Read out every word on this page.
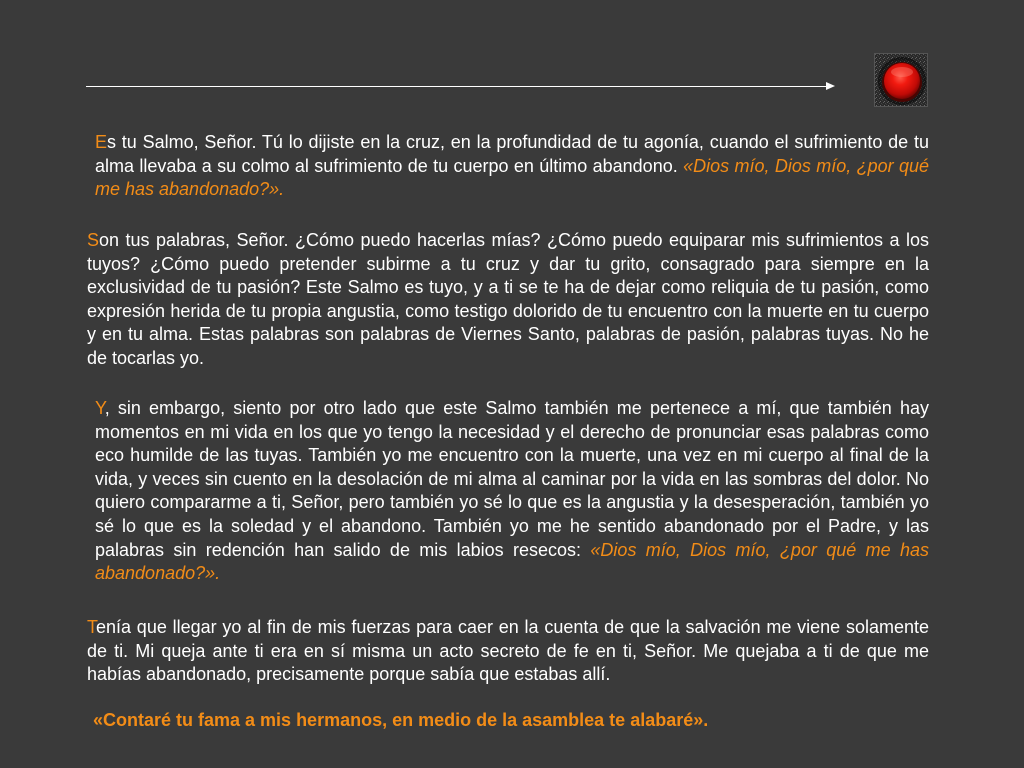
Es tu Salmo, Señor. Tú lo dijiste en la cruz, en la profundidad de tu agonía, cuando el sufrimiento de tu alma llevaba a su colmo al sufrimiento de tu cuerpo en último abandono. «Dios mío, Dios mío, ¿por qué me has abandonado?».

Son tus palabras, Señor. ¿Cómo puedo hacerlas mías? ¿Cómo puedo equiparar mis sufrimientos a los tuyos? ¿Cómo puedo pretender subirme a tu cruz y dar tu grito, consagrado para siempre en la exclusividad de tu pasión? Este Salmo es tuyo, y a ti se te ha de dejar como reliquia de tu pasión, como expresión herida de tu propia angustia, como testigo dolorido de tu encuentro con la muerte en tu cuerpo y en tu alma. Estas palabras son palabras de Viernes Santo, palabras de pasión, palabras tuyas. No he de tocarlas yo.

Y, sin embargo, siento por otro lado que este Salmo también me pertenece a mí, que también hay momentos en mi vida en los que yo tengo la necesidad y el derecho de pronunciar esas palabras como eco humilde de las tuyas. También yo me encuentro con la muerte, una vez en mi cuerpo al final de la vida, y veces sin cuento en la desolación de mi alma al caminar por la vida en las sombras del dolor. No quiero compararme a ti, Señor, pero también yo sé lo que es la angustia y la desesperación, también yo sé lo que es la soledad y el abandono. También yo me he sentido abandonado por el Padre, y las palabras sin redención han salido de mis labios resecos: «Dios mío, Dios mío, ¿por qué me has abandonado?».

Tenía que llegar yo al fin de mis fuerzas para caer en la cuenta de que la salvación me viene solamente de ti. Mi queja ante ti era en sí misma un acto secreto de fe en ti, Señor. Me quejaba a ti de que me habías abandonado, precisamente porque sabía que estabas allí.

«Contaré tu fama a mis hermanos, en medio de la asamblea te alabaré».
